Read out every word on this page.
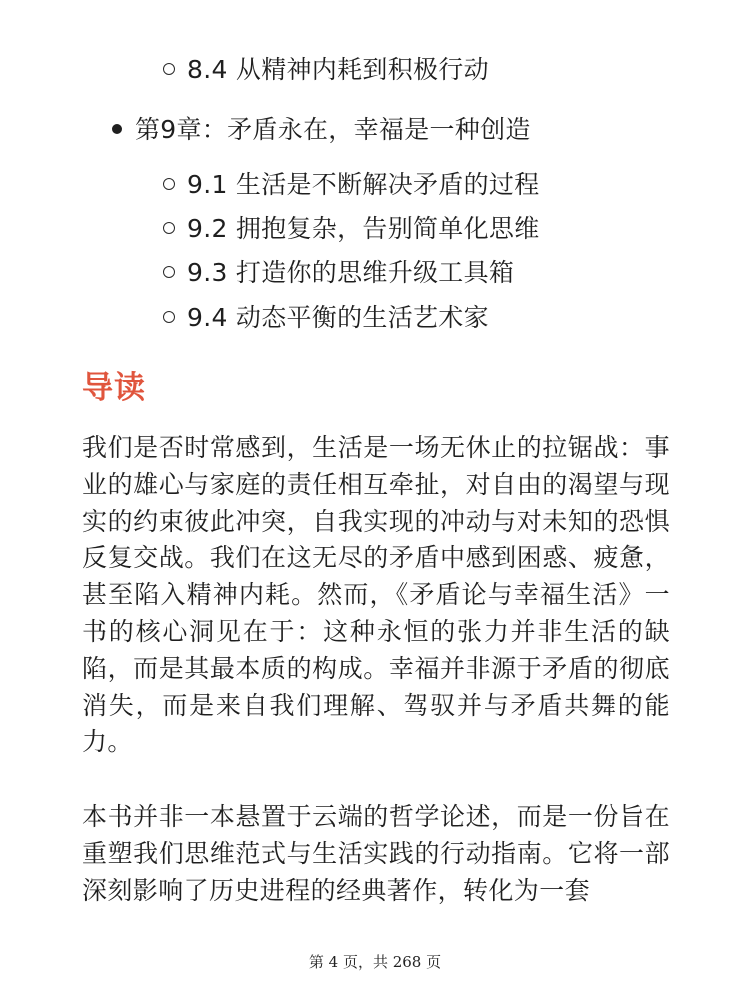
8.4 从精神内耗到积极行动
第9章：矛盾永在，幸福是一种创造
9.1 生活是不断解决矛盾的过程
9.2 拥抱复杂，告别简单化思维
9.3 打造你的思维升级工具箱
9.4 动态平衡的生活艺术家
导读

我们是否时常感到，生活是一场无休止的拉锯战：事业的雄心与家庭的责任相互牵扯，对自由的渴望与现实的约束彼此冲突，自我实现的冲动与对未知的恐惧反复交战。我们在这无尽的矛盾中感到困惑、疲惫，甚至陷入精神内耗。然而，《矛盾论与幸福生活》一书的核心洞见在于：这种永恒的张力并非生活的缺陷，而是其最本质的构成。幸福并非源于矛盾的彻底消失，而是来自我们理解、驾驭并与矛盾共舞的能力。

本书并非一本悬置于云端的哲学论述，而是一份旨在重塑我们思维范式与生活实践的行动指南。它将一部深刻影响了历史进程的经典著作，转化为一套

第 4 页，共 268 页
